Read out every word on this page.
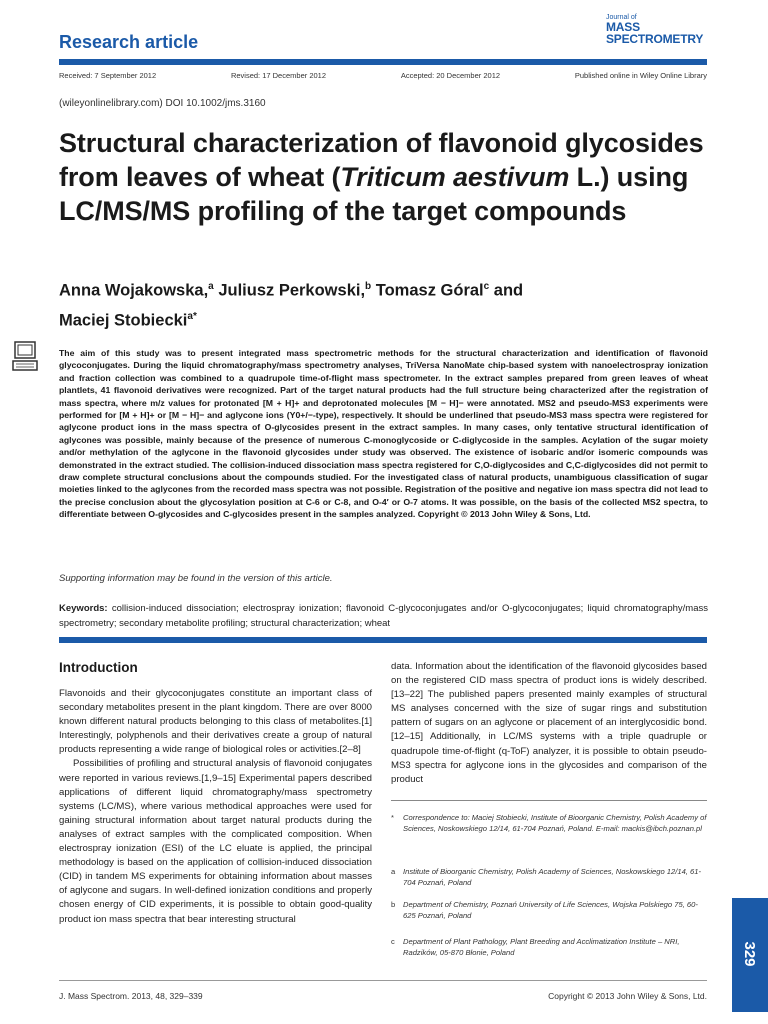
Research article
Journal of
MASS
SPECTROMETRY
Received: 7 September 2012	Revised: 17 December 2012	Accepted: 20 December 2012	Published online in Wiley Online Library
(wileyonlinelibrary.com) DOI 10.1002/jms.3160
Structural characterization of flavonoid glycosides from leaves of wheat (Triticum aestivum L.) using LC/MS/MS profiling of the target compounds
Anna Wojakowska,$^a$ Juliusz Perkowski,$^b$ Tomasz Góral$^c$ and
Maciej Stobiecki$^{a*}$
The aim of this study was to present integrated mass spectrometric methods for the structural characterization and identification of flavonoid glycoconjugates. During the liquid chromatography/mass spectrometry analyses, TriVersa NanoMate chip-based system with nanoelectrospray ionization and fraction collection was combined to a quadrupole time-of-flight mass spectrometer. In the extract samples prepared from green leaves of wheat plantlets, 41 flavonoid derivatives were recognized. Part of the target natural products had the full structure being characterized after the registration of mass spectra, where m/z values for protonated [M + H]+ and deprotonated molecules [M − H]− were annotated. MS2 and pseudo-MS3 experiments were performed for [M + H]+ or [M − H]− and aglycone ions (Y0+/−-type), respectively. It should be underlined that pseudo-MS3 mass spectra were registered for aglycone product ions in the mass spectra of O-glycosides present in the extract samples. In many cases, only tentative structural identification of aglycones was possible, mainly because of the presence of numerous C-monoglycoside or C-diglycoside in the samples. Acylation of the sugar moiety and/or methylation of the aglycone in the flavonoid glycosides under study was observed. The existence of isobaric and/or isomeric compounds was demonstrated in the extract studied. The collision-induced dissociation mass spectra registered for C,O-diglycosides and C,C-diglycosides did not permit to draw complete structural conclusions about the compounds studied. For the investigated class of natural products, unambiguous classification of sugar moieties linked to the aglycones from the recorded mass spectra was not possible. Registration of the positive and negative ion mass spectra did not lead to the precise conclusion about the glycosylation position at C-6 or C-8, and O-4′ or O-7 atoms. It was possible, on the basis of the collected MS2 spectra, to differentiate between O-glycosides and C-glycosides present in the samples analyzed. Copyright © 2013 John Wiley & Sons, Ltd.
Supporting information may be found in the version of this article.
Keywords: collision-induced dissociation; electrospray ionization; flavonoid C-glycoconjugates and/or O-glycoconjugates; liquid chromatography/mass spectrometry; secondary metabolite profiling; structural characterization; wheat
Introduction

Flavonoids and their glycoconjugates constitute an important class of secondary metabolites present in the plant kingdom. There are over 8000 known different natural products belonging to this class of metabolites.[1] Interestingly, polyphenols and their derivatives create a group of natural products representing a wide range of biological roles or activities.[2–8]

Possibilities of profiling and structural analysis of flavonoid conjugates were reported in various reviews.[1,9–15] Experimental papers described applications of different liquid chromatography/mass spectrometry systems (LC/MS), where various methodical approaches were used for gaining structural information about target natural products during the analyses of extract samples with the complicated composition. When electrospray ionization (ESI) of the LC eluate is applied, the principal methodology is based on the application of collision-induced dissociation (CID) in tandem MS experiments for obtaining information about masses of aglycone and sugars. In well-defined ionization conditions and properly chosen energy of CID experiments, it is possible to obtain good-quality product ion mass spectra that bear interesting structural

data. Information about the identification of the flavonoid glycosides based on the registered CID mass spectra of product ions is widely described.[13–22] The published papers presented mainly examples of structural MS analyses concerned with the size of sugar rings and substitution pattern of sugars on an aglycone or placement of an interglycosidic bond.[12–15] Additionally, in LC/MS systems with a triple quadruple or quadrupole time-of-flight (q-ToF) analyzer, it is possible to obtain pseudo-MS3 spectra for aglycone ions in the glycosides and comparison of the product

*	Correspondence to: Maciej Stobiecki, Institute of Bioorganic Chemistry, Polish Academy of Sciences, Noskowskiego 12/14, 61-704 Poznań, Poland. E-mail: mackis@ibch.poznan.pl
a	Institute of Bioorganic Chemistry, Polish Academy of Sciences, Noskowskiego 12/14, 61-704 Poznań, Poland
b	Department of Chemistry, Poznań University of Life Sciences, Wojska Polskiego 75, 60-625 Poznań, Poland
c	Department of Plant Pathology, Plant Breeding and Acclimatization Institute – NRI, Radzików, 05-870 Błonie, Poland	329
J. Mass Spectrom. 2013, 48, 329–339	Copyright © 2013 John Wiley & Sons, Ltd.
